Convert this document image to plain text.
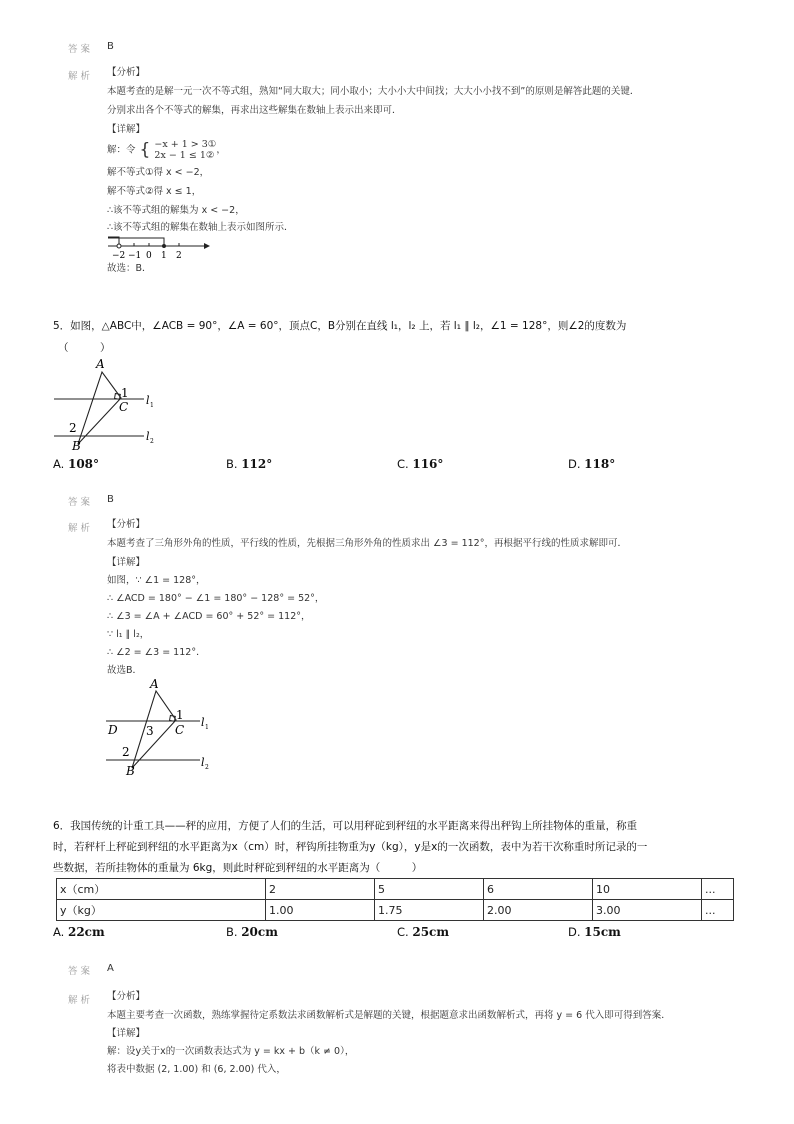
答案 B
解析 【分析】
本题考查的是解一元一次不等式组，熟知“同大取大；同小取小；大小小大中间找；大大小小找不到”的原则是解答此题的关键．
分别求出各个不等式的解集，再求出这些解集在数轴上表示出来即可．
【详解】
解：令 { −x + 1 > 3①
2x − 1 ≤ 1② ，
解不等式①得 x < −2，
解不等式②得 x ≤ 1，
∴该不等式组的解集为 x < −2，
∴该不等式组的解集在数轴上表示如图所示．
−2 −1 0 1 2
故选：B．
5．如图，△ABC中，∠ACB = 90°，∠A = 60°，顶点C，B分别在直线 l₁，l₂ 上，若 l₁ ∥ l₂，∠1 = 128°，则∠2的度数为
（　　　）
A
1
C l 1
2
B
l 2
A. 108°	B. 112°	C. 116°	D. 118°
答案 B
解析 【分析】
本题考查了三角形外角的性质，平行线的性质，先根据三角形外角的性质求出 ∠3 = 112°，再根据平行线的性质求解即可．
【详解】
如图，∵ ∠1 = 128°，
∴ ∠ACD = 180° − ∠1 = 180° − 128° = 52°，
∴ ∠3 = ∠A + ∠ACD = 60° + 52° = 112°，
∵ l₁ ∥ l₂，
∴ ∠2 = ∠3 = 112°．
故选B．
A
1
C
D 3
l 1
2
B
l 2
6．我国传统的计重工具——秤的应用，方便了人们的生活，可以用秤砣到秤纽的水平距离来得出秤钩上所挂物体的重量，称重
时，若秤杆上秤砣到秤纽的水平距离为x（cm）时，秤钩所挂物重为y（kg），y是x的一次函数，表中为若干次称重时所记录的一
些数据，若所挂物体的重量为 6kg，则此时秤砣到秤纽的水平距离为（　　　）
x（cm）	2	5	6	10	...
y（kg）	1.00	1.75	2.00	3.00	...
A. 22cm	B. 20cm	C. 25cm	D. 15cm
答案 A
解析 【分析】
本题主要考查一次函数，熟练掌握待定系数法求函数解析式是解题的关键，根据题意求出函数解析式，再将 y = 6 代入即可得到答案．
【详解】
解：设y关于x的一次函数表达式为 y = kx + b（k ≠ 0），
将表中数据 (2, 1.00) 和 (6, 2.00) 代入，
